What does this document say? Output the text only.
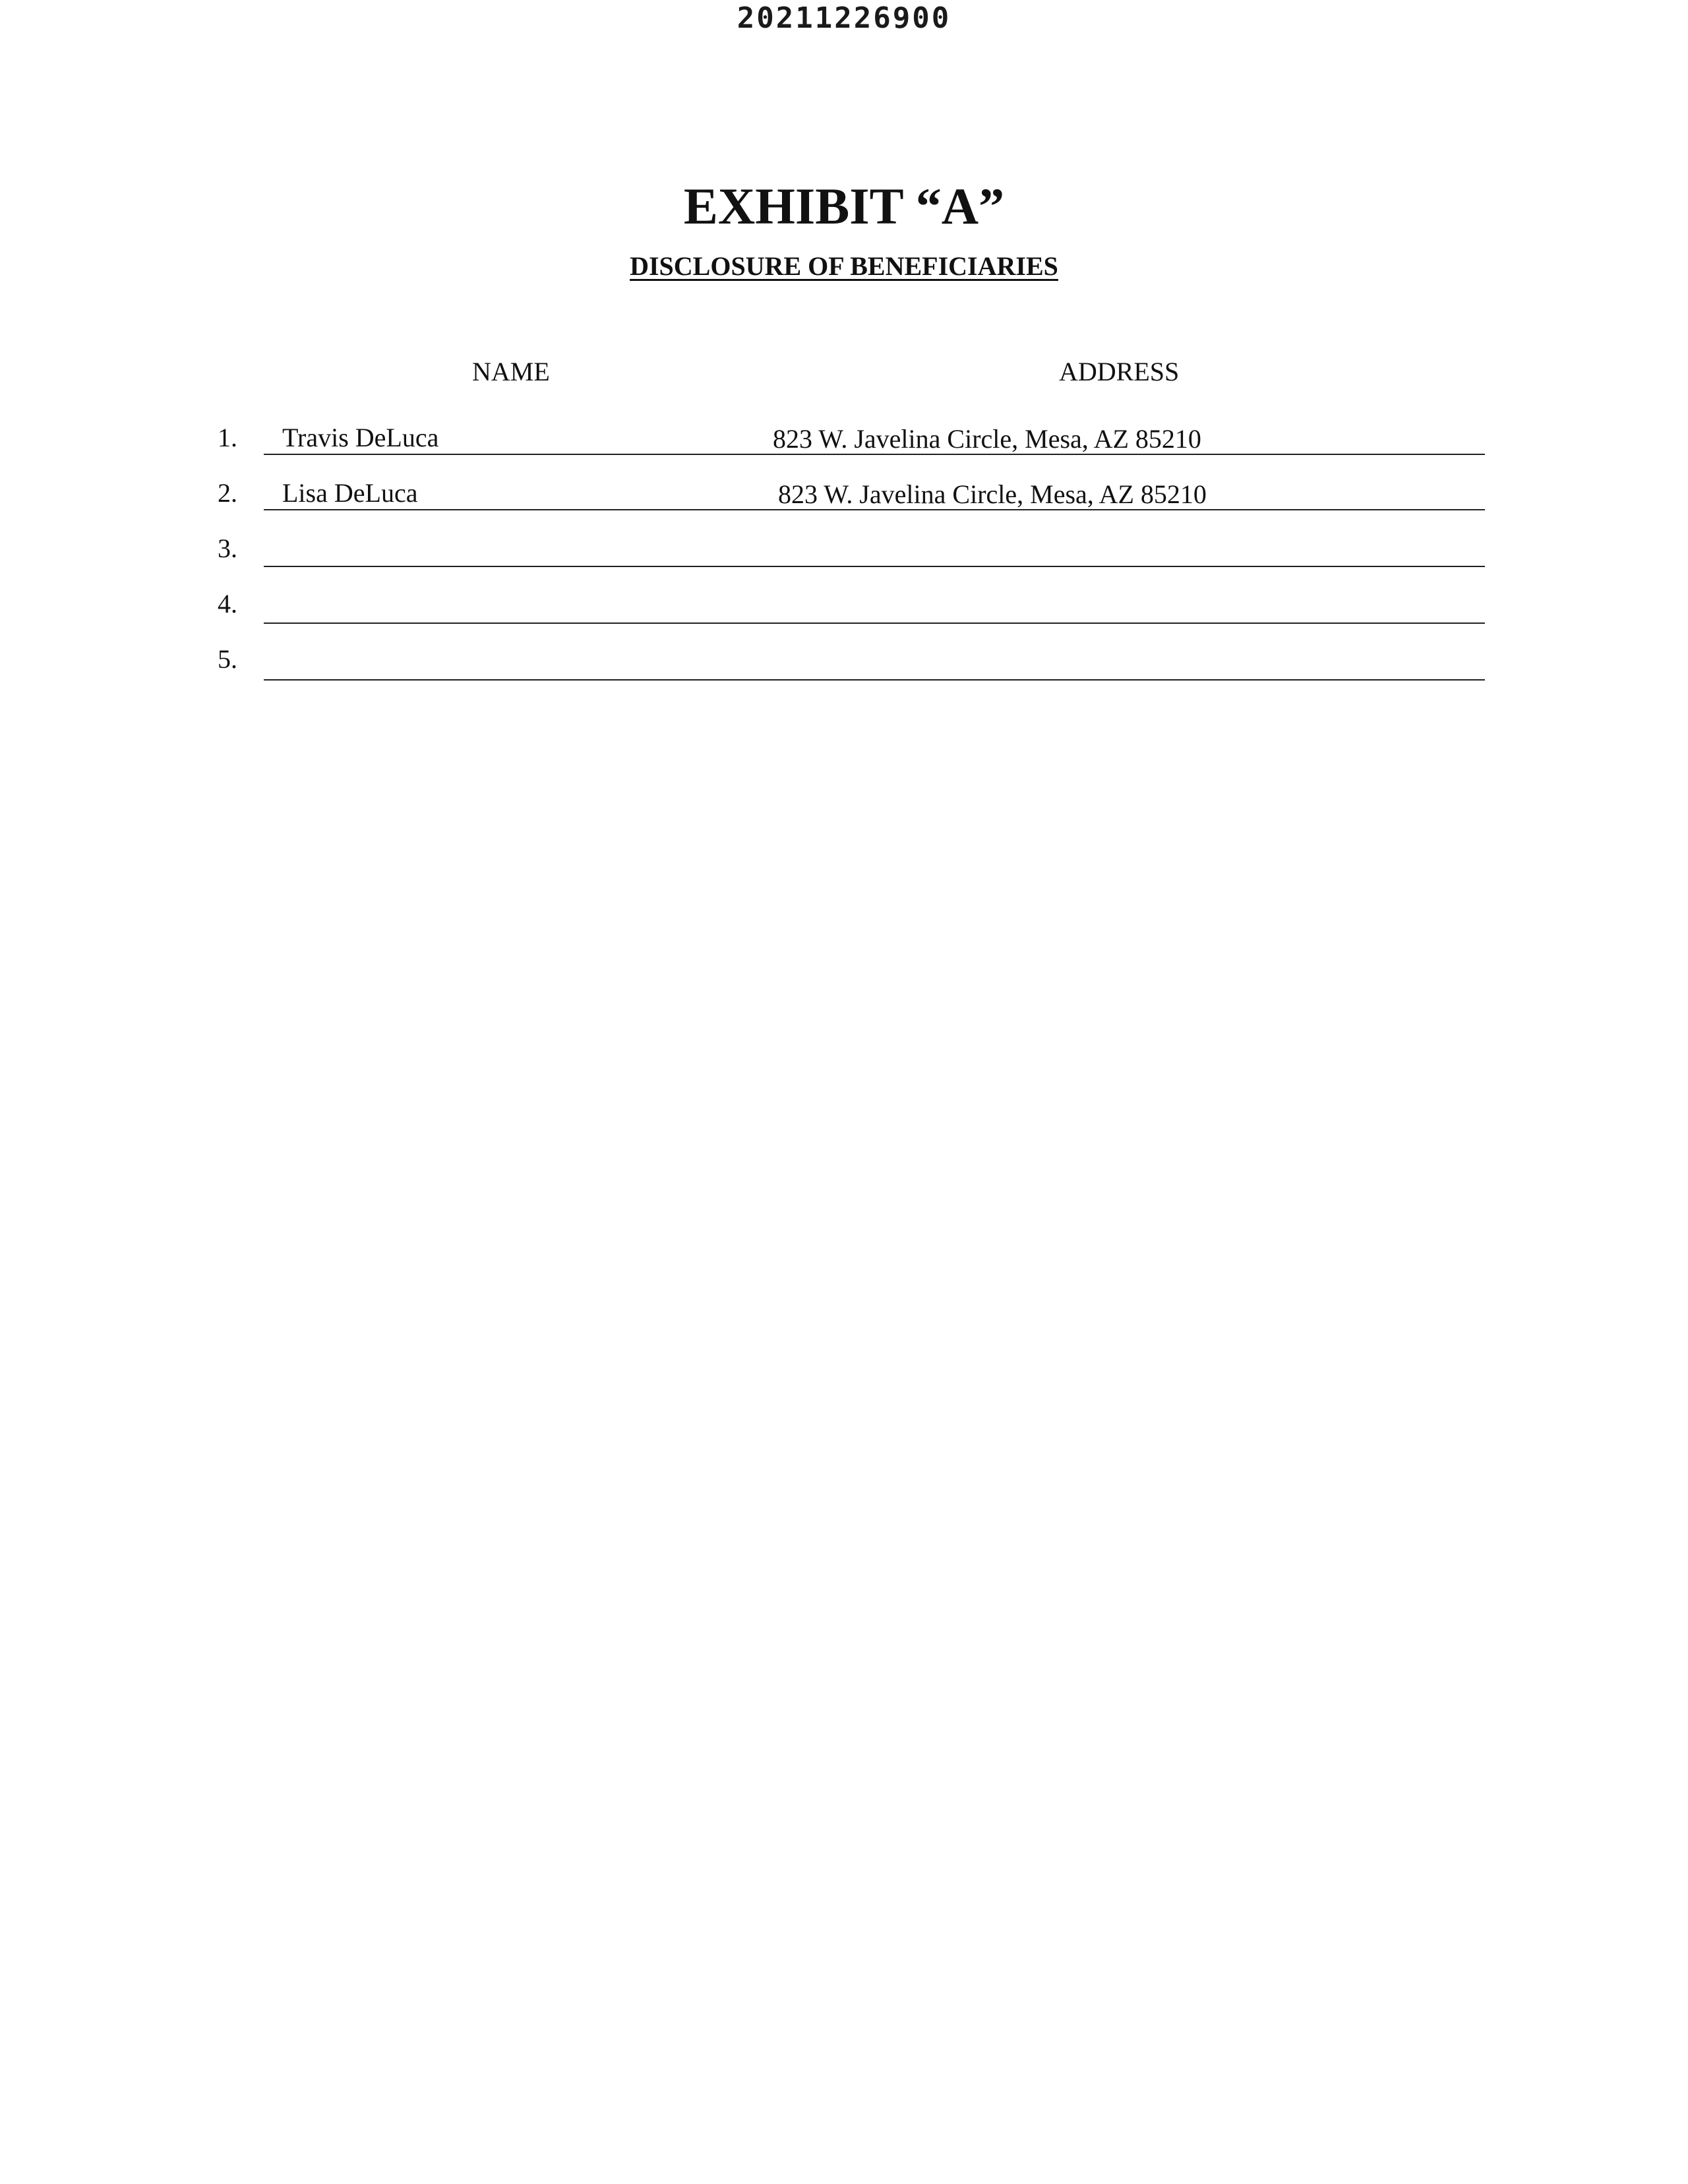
20211226900
EXHIBIT “A”
DISCLOSURE OF BENEFICIARIES
NAME	ADDRESS
1. Travis DeLuca	823 W. Javelina Circle, Mesa, AZ 85210
2. Lisa DeLuca	823 W. Javelina Circle, Mesa, AZ 85210
3.
4.
5.
